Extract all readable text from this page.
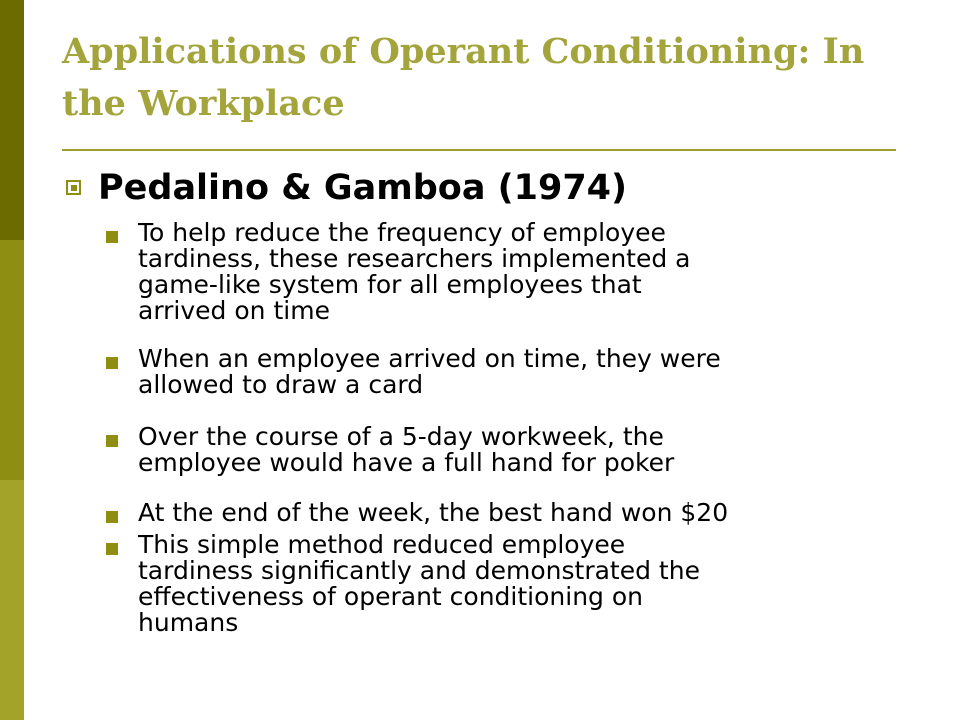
Applications of Operant Conditioning: In the Workplace
Pedalino & Gamboa (1974)
To help reduce the frequency of employee
tardiness, these researchers implemented a
game-like system for all employees that
arrived on time
When an employee arrived on time, they were
allowed to draw a card
Over the course of a 5-day workweek, the
employee would have a full hand for poker
At the end of the week, the best hand won $20
This simple method reduced employee
tardiness significantly and demonstrated the
effectiveness of operant conditioning on
humans
